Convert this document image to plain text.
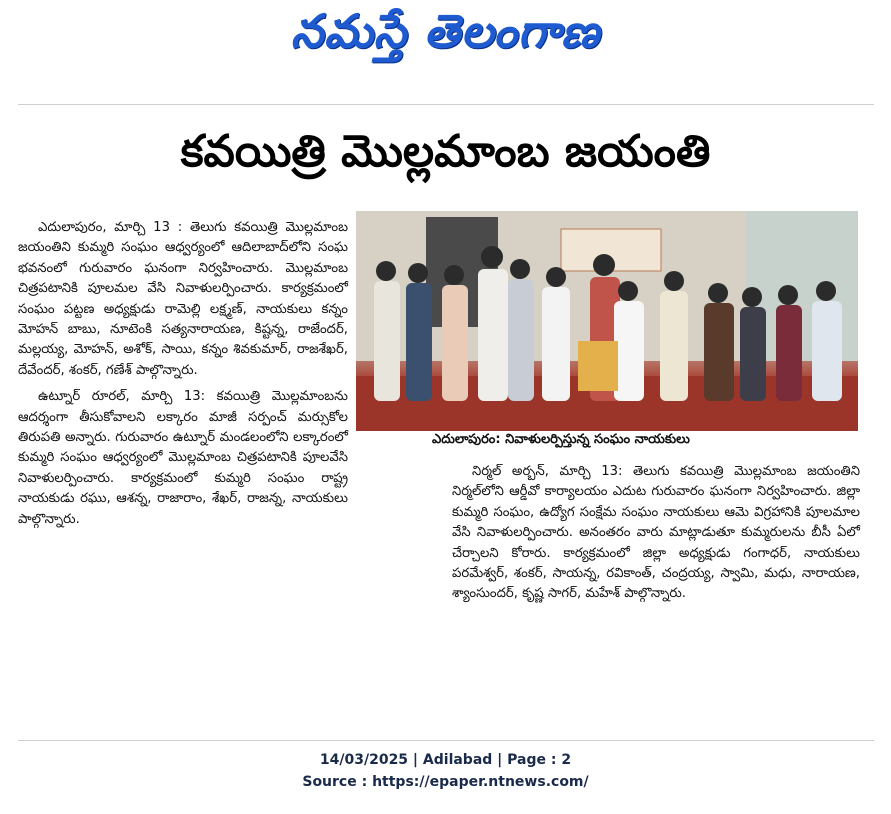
నమస్తే తెలంగాణ
కవయిత్రి మొల్లమాంబ జయంతి

ఎదులాపురం, మార్చి 13 : తెలుగు కవయిత్రి మొల్లమాంబ జయంతిని కుమ్మరి సంఘం ఆధ్వర్యంలో ఆదిలాబాద్‌లోని సంఘ భవనంలో గురువారం ఘనంగా నిర్వహించారు. మొల్లమాంబ చిత్రపటానికి పూలమల వేసి నివాళులర్పించారు. కార్యక్రమంలో సంఘం పట్టణ అధ్యక్షుడు రామెల్లి లక్ష్మణ్, నాయకులు కన్నం మోహన్ బాబు, నూటెంకి సత్యనారాయణ, కిష్టన్న, రాజేందర్, మల్లయ్య, మోహన్, అశోక్, సాయి, కన్నం శివకుమార్, రాజశేఖర్, దేవేందర్, శంకర్, గణేశ్ పాల్గొన్నారు.

ఉట్నూర్ రూరల్, మార్చి 13: కవయిత్రి మొల్లమాంబను ఆదర్శంగా తీసుకోవాలని లక్కారం మాజీ సర్పంచ్ మర్సుకోల తిరుపతి అన్నారు. గురువారం ఉట్నూర్ మండలంలోని లక్కారంలో కుమ్మరి సంఘం ఆధ్వర్యంలో మొల్లమాంబ చిత్రపటానికి పూలవేసి నివాళులర్పించారు. కార్యక్రమంలో కుమ్మరి సంఘం రాష్ట్ర నాయకుడు రఘు, ఆశన్న, రాజారాం, శేఖర్, రాజన్న, నాయకులు పాల్గొన్నారు.

ఎదులాపురం: నివాళులర్పిస్తున్న సంఘం నాయకులు

నిర్మల్ అర్బన్, మార్చి 13: తెలుగు కవయిత్రి మొల్లమాంబ జయంతిని నిర్మల్‌లోని ఆర్డీవో కార్యాలయం ఎదుట గురువారం ఘనంగా నిర్వహించారు. జిల్లా కుమ్మరి సంఘం, ఉద్యోగ సంక్షేమ సంఘం నాయకులు ఆమె విగ్రహానికి పూలమాల వేసి నివాళులర్పించారు. అనంతరం వారు మాట్లాడుతూ కుమ్మరులను బీసీ ఏలో చేర్చాలని కోరారు. కార్యక్రమంలో జిల్లా అధ్యక్షుడు గంగాధర్, నాయకులు పరమేశ్వర్, శంకర్, సాయన్న, రవికాంత్, చంద్రయ్య, స్వామి, మధు, నారాయణ, శ్యాంసుందర్, కృష్ణ సాగర్, మహేశ్ పాల్గొన్నారు.

14/03/2025 | Adilabad | Page : 2
Source : https://epaper.ntnews.com/
